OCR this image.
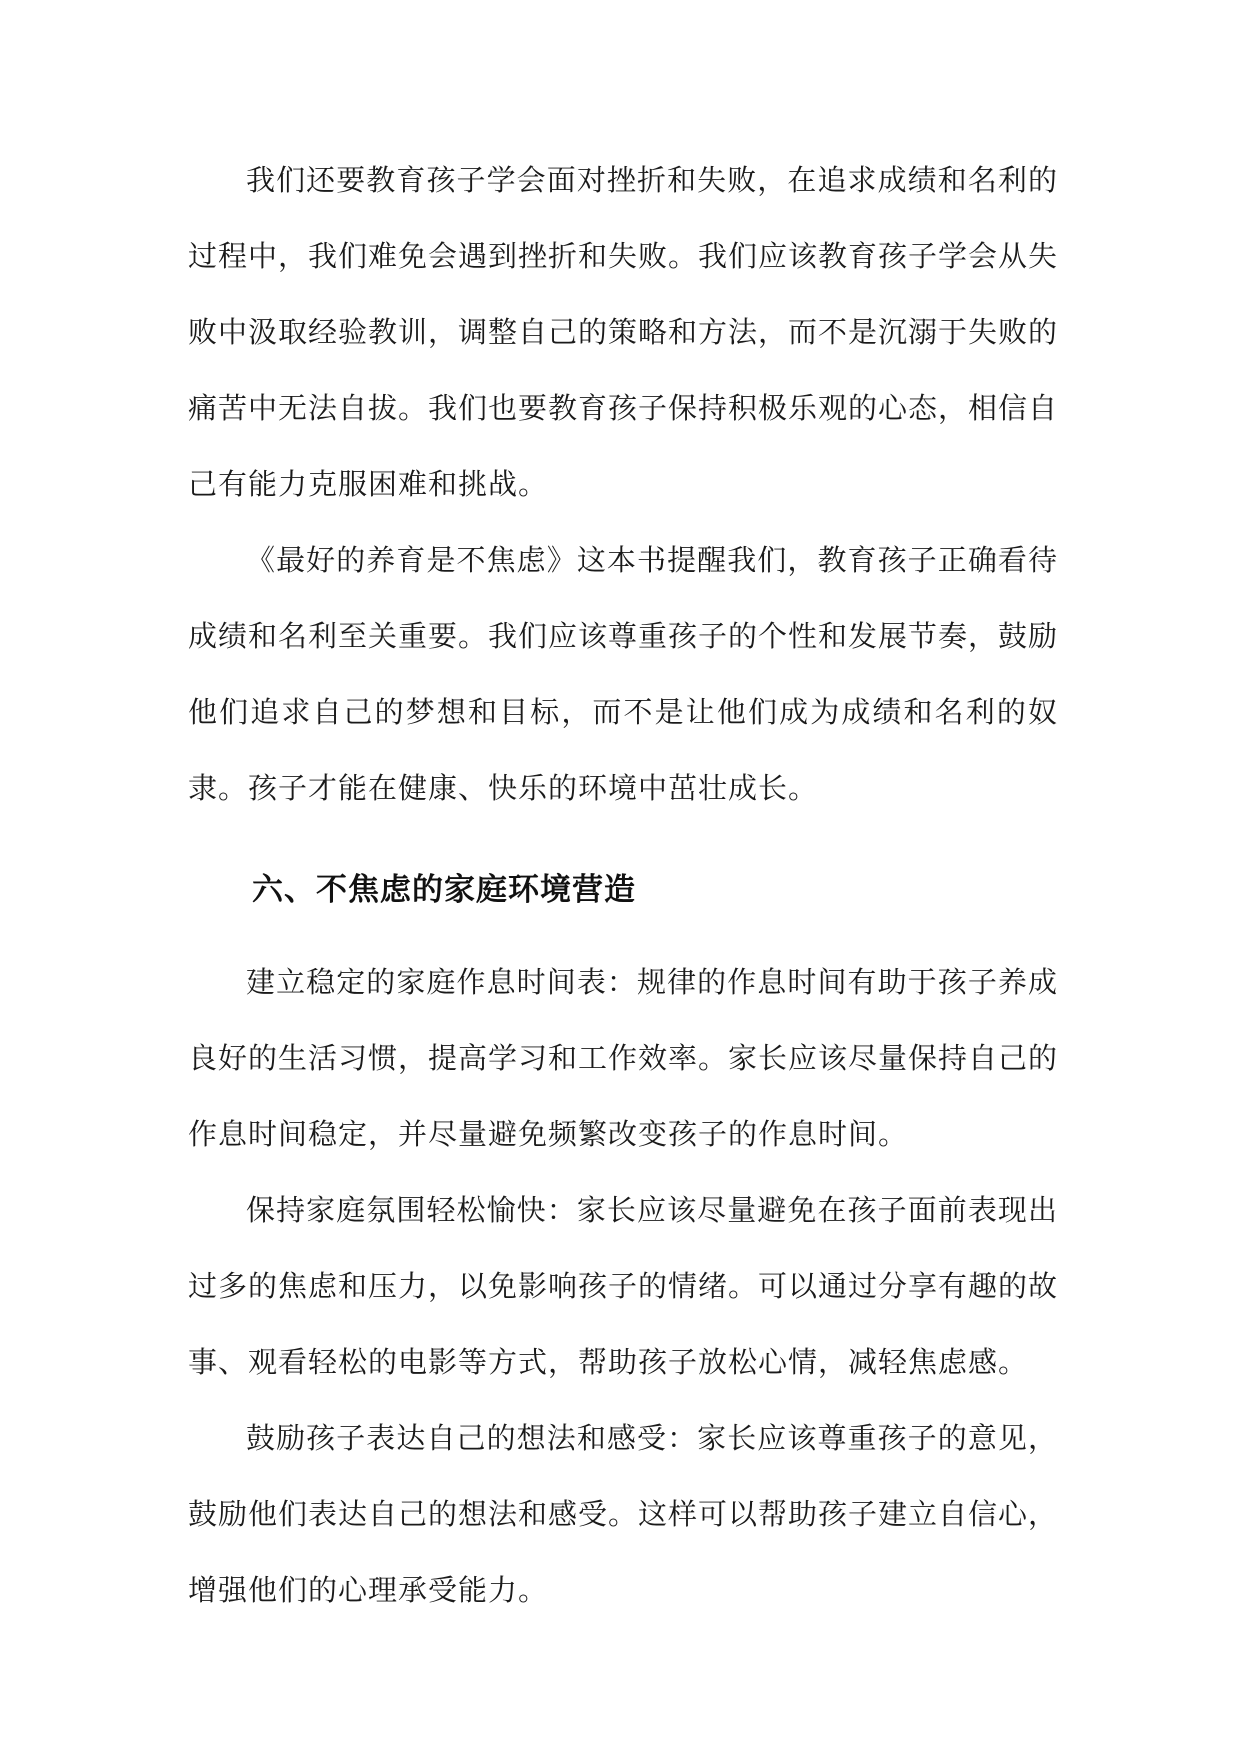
我们还要教育孩子学会面对挫折和失败，在追求成绩和名利的过程中，我们难免会遇到挫折和失败。我们应该教育孩子学会从失败中汲取经验教训，调整自己的策略和方法，而不是沉溺于失败的痛苦中无法自拔。我们也要教育孩子保持积极乐观的心态，相信自己有能力克服困难和挑战。

《最好的养育是不焦虑》这本书提醒我们，教育孩子正确看待成绩和名利至关重要。我们应该尊重孩子的个性和发展节奏，鼓励他们追求自己的梦想和目标，而不是让他们成为成绩和名利的奴隶。孩子才能在健康、快乐的环境中茁壮成长。

六、不焦虑的家庭环境营造

建立稳定的家庭作息时间表：规律的作息时间有助于孩子养成良好的生活习惯，提高学习和工作效率。家长应该尽量保持自己的作息时间稳定，并尽量避免频繁改变孩子的作息时间。

保持家庭氛围轻松愉快：家长应该尽量避免在孩子面前表现出过多的焦虑和压力，以免影响孩子的情绪。可以通过分享有趣的故事、观看轻松的电影等方式，帮助孩子放松心情，减轻焦虑感。

鼓励孩子表达自己的想法和感受：家长应该尊重孩子的意见，鼓励他们表达自己的想法和感受。这样可以帮助孩子建立自信心，增强他们的心理承受能力。
